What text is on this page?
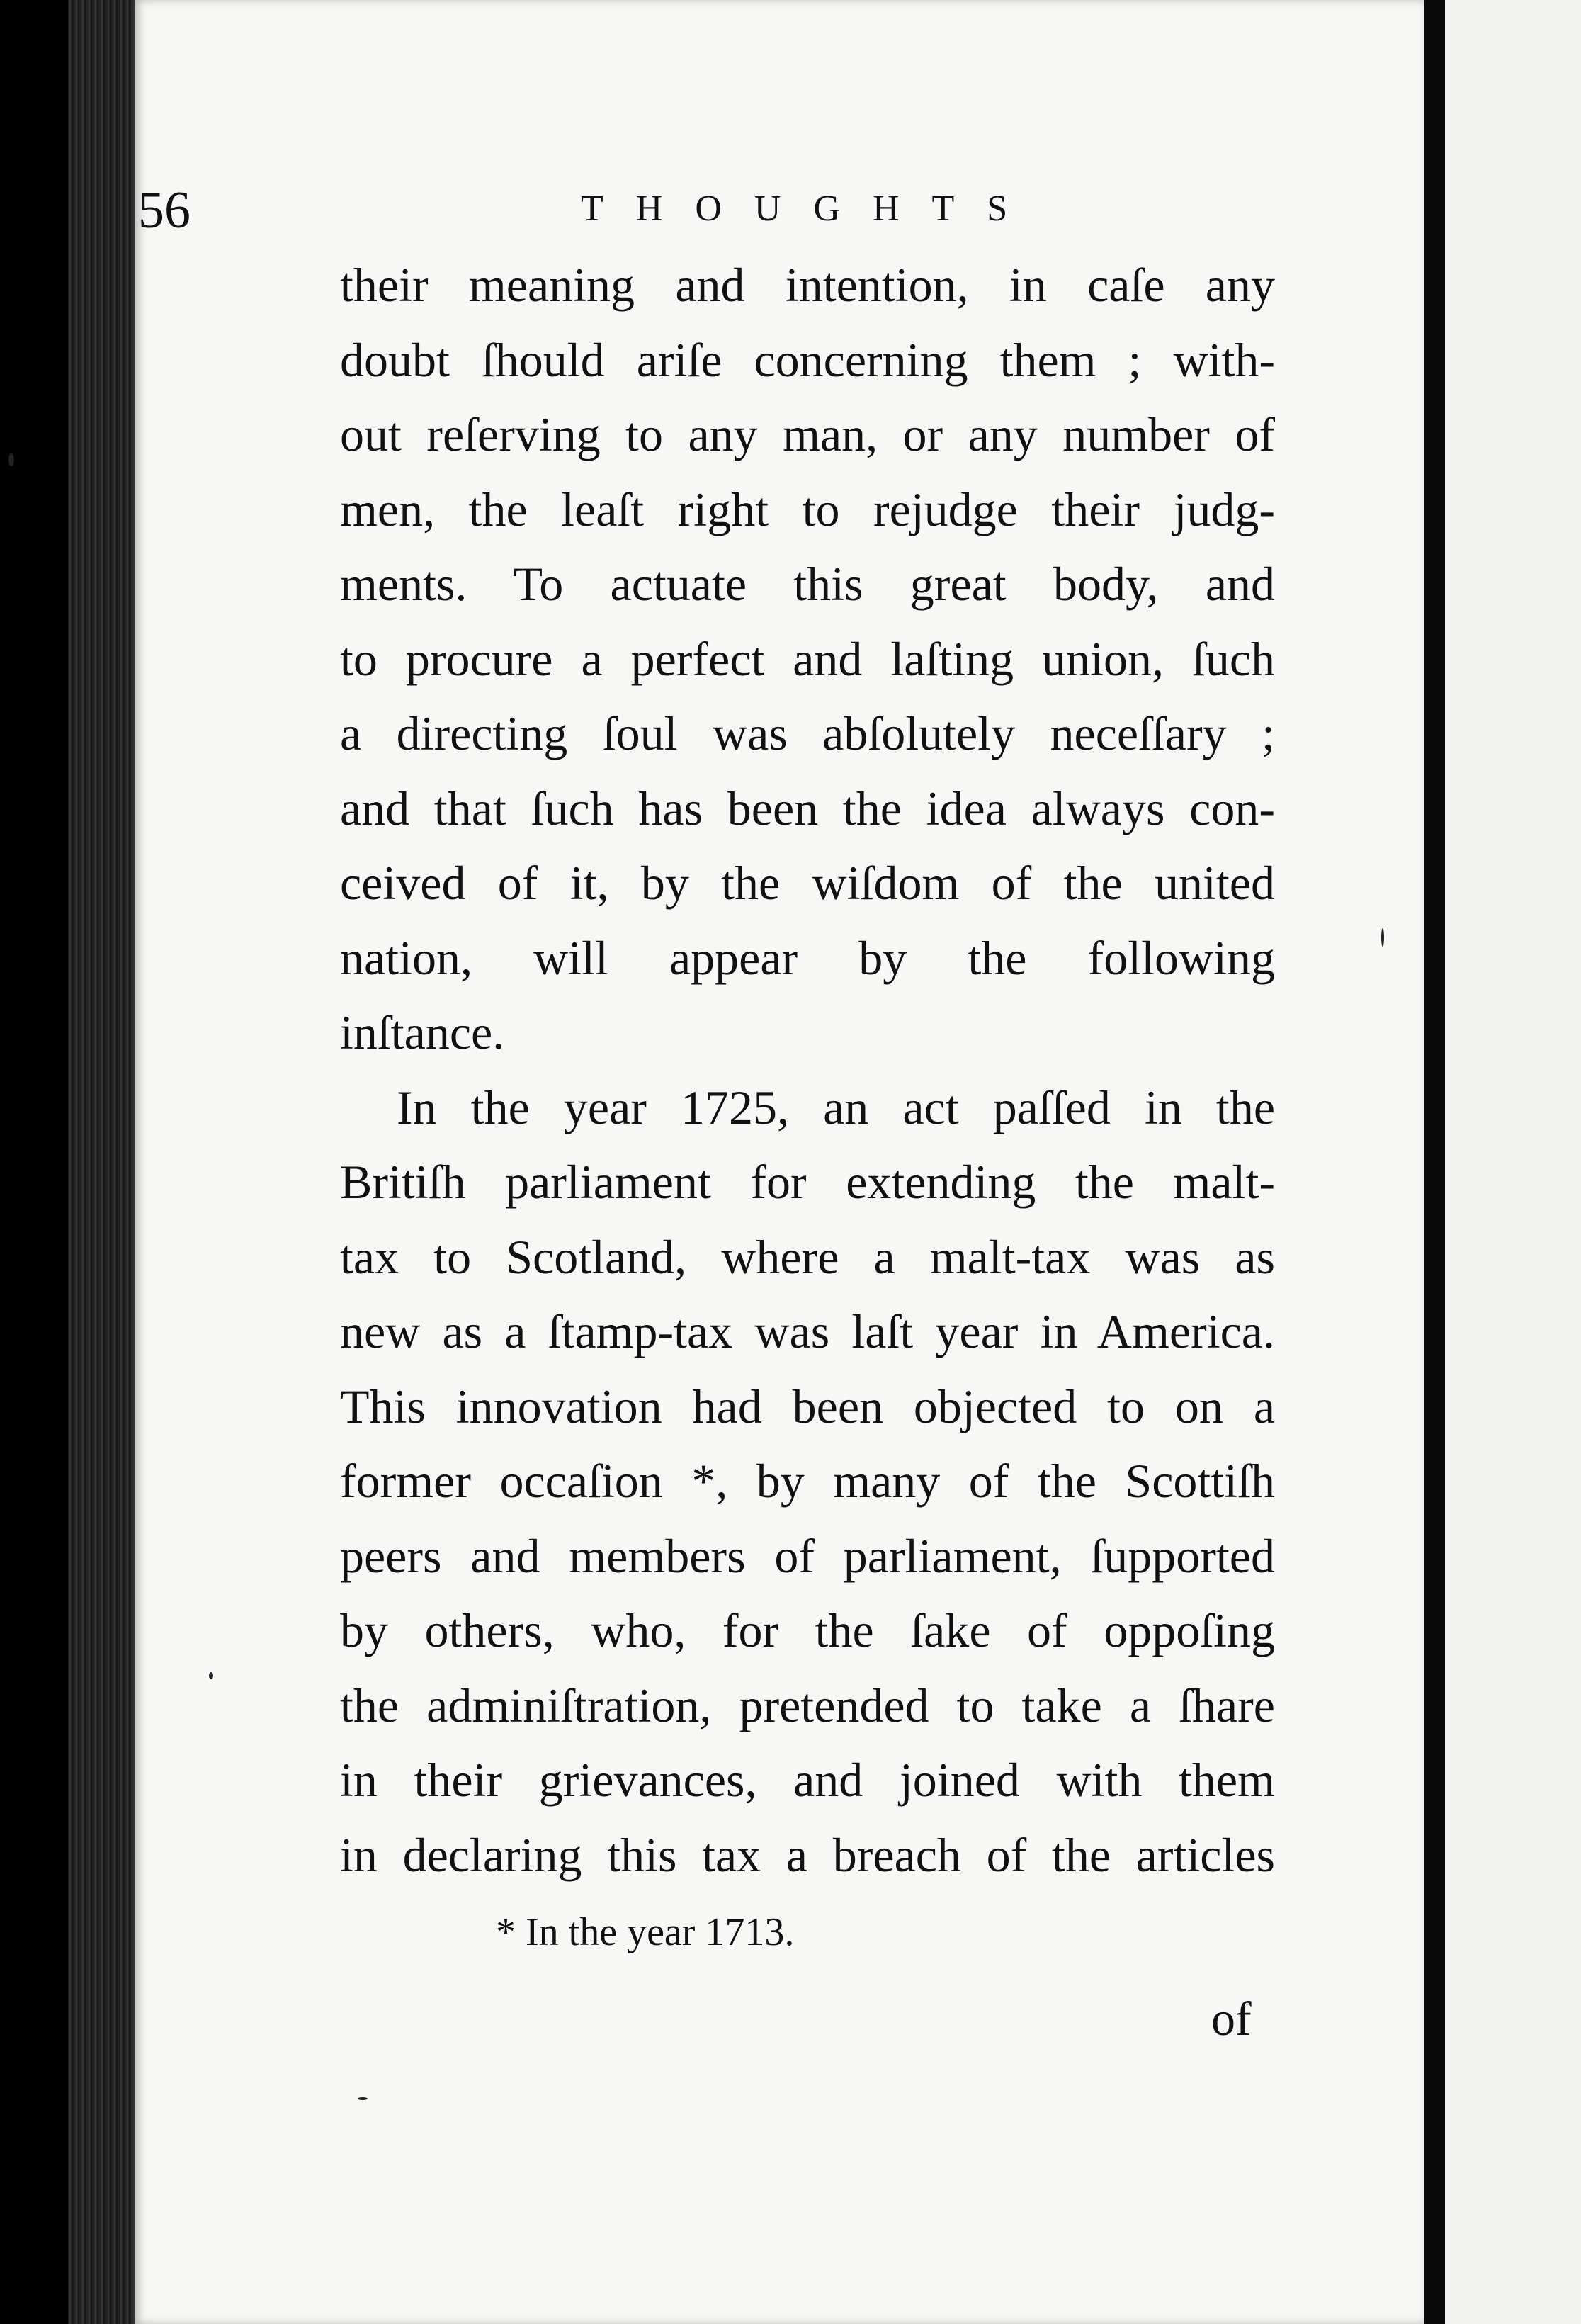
56	THOUGHTS
their meaning and intention, in caſe any
doubt ſhould ariſe concerning them ; with-
out reſerving to any man, or any number of
men, the leaſt right to rejudge their judg-
ments. To actuate this great body, and
to procure a perfect and laſting union, ſuch
a directing ſoul was abſolutely neceſſary ;
and that ſuch has been the idea always con-
ceived of it, by the wiſdom of the united
nation, will appear by the following
inſtance.
In the year 1725, an act paſſed in the
Britiſh parliament for extending the malt-
tax to Scotland, where a malt-tax was as
new as a ſtamp-tax was laſt year in America.
This innovation had been objected to on a
former occaſion *, by many of the Scottiſh
peers and members of parliament, ſupported
by others, who, for the ſake of oppoſing
the adminiſtration, pretended to take a ſhare
in their grievances, and joined with them
in declaring this tax a breach of the articles
* In the year 1713.
of
